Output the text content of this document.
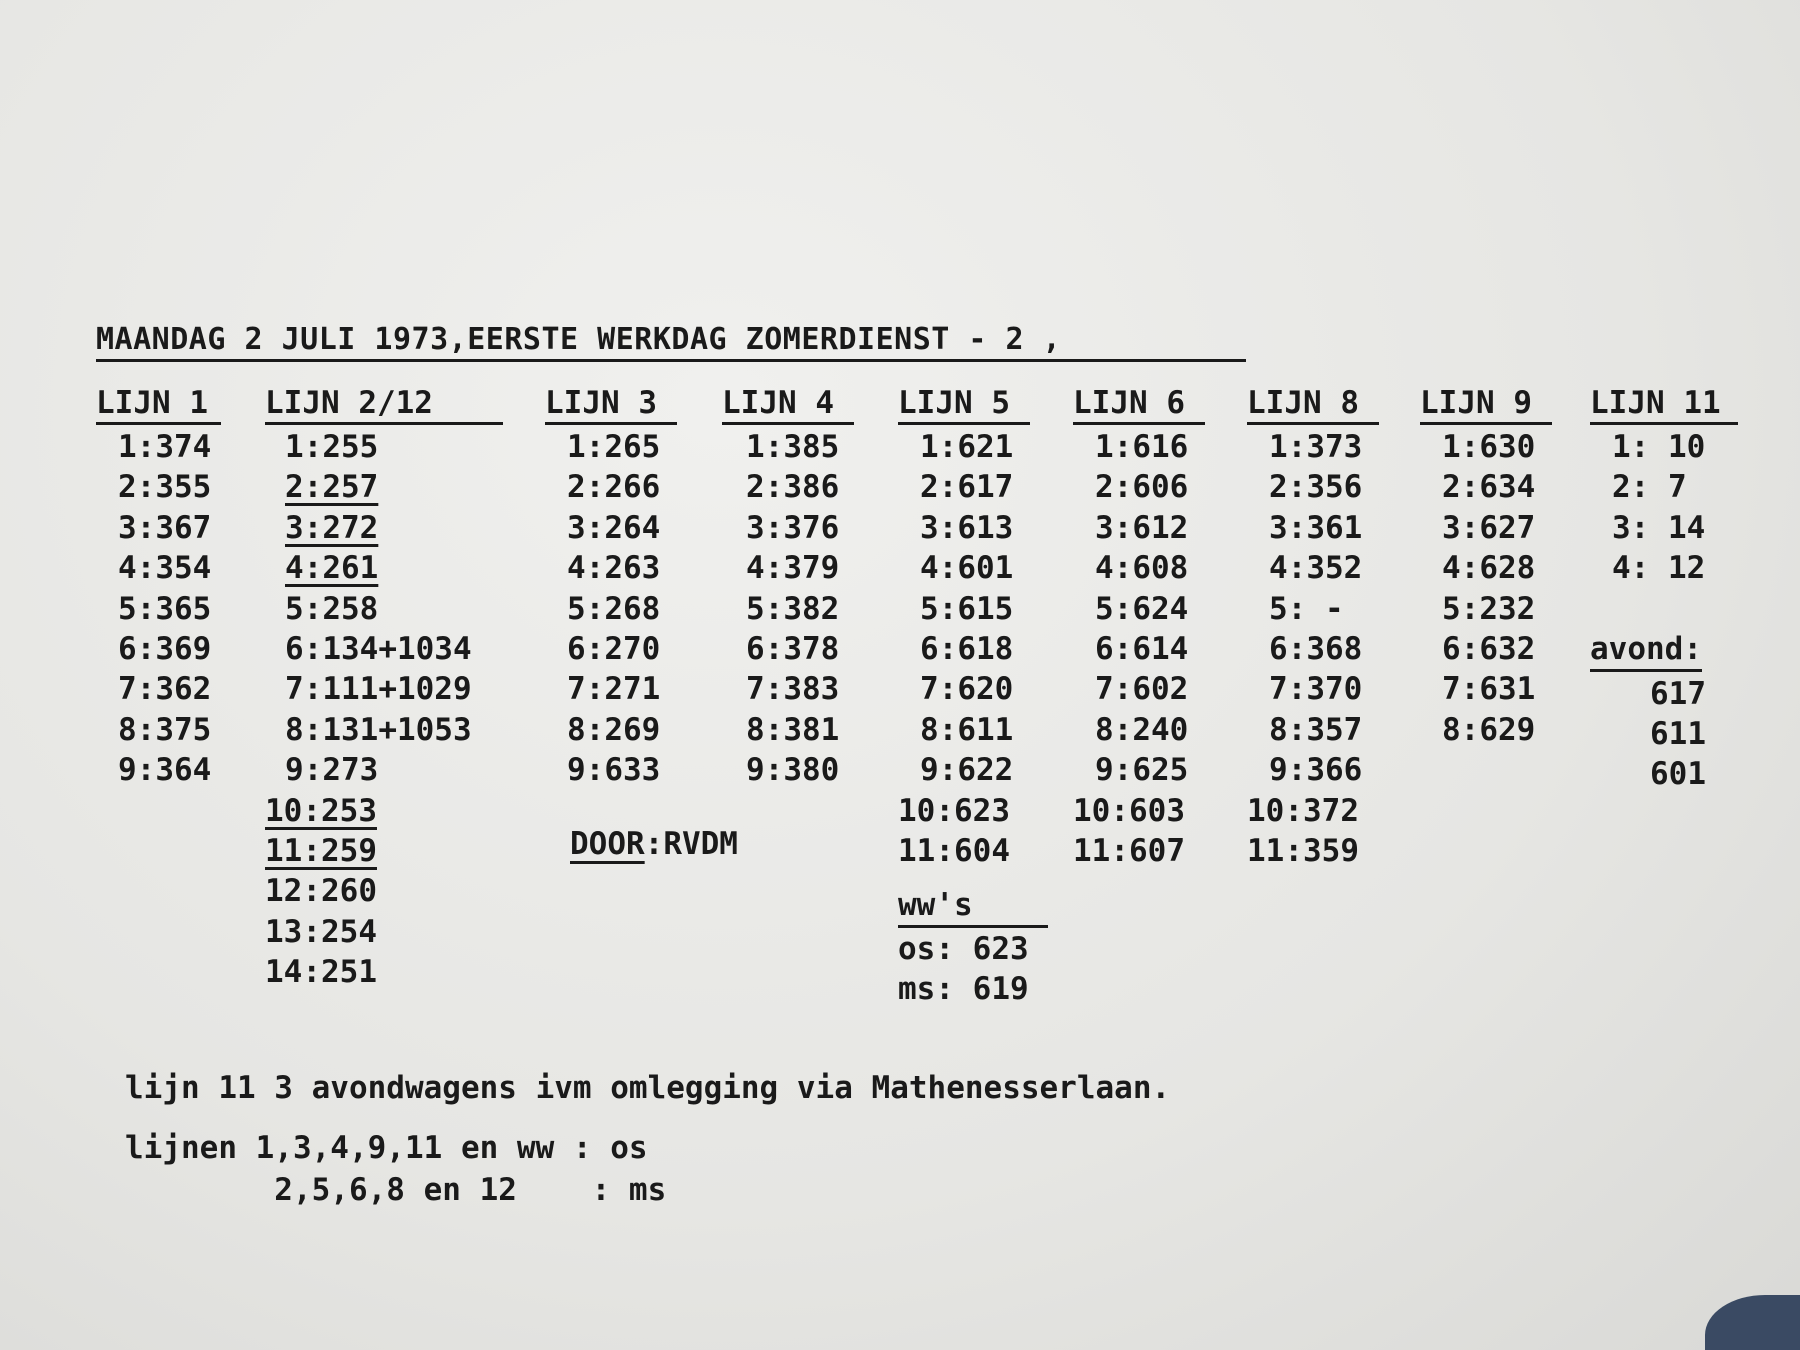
MAANDAG 2 JULI 1973,EERSTE WERKDAG ZOMERDIENST - 2 ,
LIJN 1
1:374
2:355
3:367
4:354
5:365
6:369
7:362
8:375
9:364
LIJN 2/12
1:255
2:257
3:272
4:261
5:258
6:134+1034
7:111+1029
8:131+1053
9:273
10:253
11:259
12:260
13:254
14:251
LIJN 3
1:265
2:266
3:264
4:263
5:268
6:270
7:271
8:269
9:633
LIJN 4
1:385
2:386
3:376
4:379
5:382
6:378
7:383
8:381
9:380
LIJN 5
1:621
2:617
3:613
4:601
5:615
6:618
7:620
8:611
9:622
10:623
11:604
LIJN 6
1:616
2:606
3:612
4:608
5:624
6:614
7:602
8:240
9:625
10:603
11:607
LIJN 8
1:373
2:356
3:361
4:352
5: -
6:368
7:370
8:357
9:366
10:372
11:359
LIJN 9
1:630
2:634
3:627
4:628
5:232
6:632
7:631
8:629
LIJN 11
1: 10
2: 7
3: 14
4: 12
avond:
617
611
601
DOOR:RVDM
ww's
os: 623
ms: 619
lijn 11 3 avondwagens ivm omlegging via Mathenesserlaan.
lijnen 1,3,4,9,11 en ww : os
2,5,6,8 en 12    : ms
